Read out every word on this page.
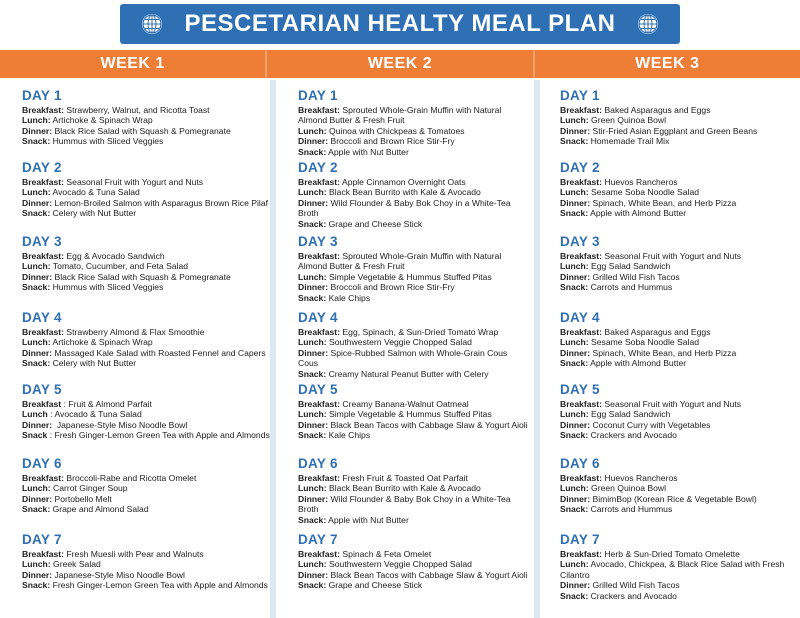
PESCETARIAN HEALTY MEAL PLAN
WEEK 1	WEEK 2	WEEK 3
DAY 1
Breakfast: Strawberry, Walnut, and Ricotta Toast
Lunch: Artichoke & Spinach Wrap
Dinner: Black Rice Salad with Squash & Pomegranate
Snack: Hummus with Sliced Veggies
DAY 2
Breakfast: Seasonal Fruit with Yogurt and Nuts
Lunch: Avocado & Tuna Salad
Dinner: Lemon-Broiled Salmon with Asparagus Brown Rice Pilaf
Snack: Celery with Nut Butter
DAY 3
Breakfast: Egg & Avocado Sandwich
Lunch: Tomato, Cucumber, and Feta Salad
Dinner: Black Rice Salad with Squash & Pomegranate
Snack: Hummus with Sliced Veggies
DAY 4
Breakfast: Strawberry Almond & Flax Smoothie
Lunch: Artichoke & Spinach Wrap
Dinner: Massaged Kale Salad with Roasted Fennel and Capers
Snack: Celery with Nut Butter
DAY 5
Breakfast : Fruit & Almond Parfait
Lunch : Avocado & Tuna Salad
Dinner:  Japanese-Style Miso Noodle Bowl
Snack : Fresh Ginger-Lemon Green Tea with Apple and Almonds
DAY 6
Breakfast: Broccoli-Rabe and Ricotta Omelet
Lunch: Carrot Ginger Soup
Dinner: Portobello Melt
Snack: Grape and Almond Salad
DAY 7
Breakfast: Fresh Muesli with Pear and Walnuts
Lunch: Greek Salad
Dinner: Japanese-Style Miso Noodle Bowl
Snack: Fresh Ginger-Lemon Green Tea with Apple and Almonds
DAY 1
Breakfast: Sprouted Whole-Grain Muffin with Natural Almond Butter & Fresh Fruit
Lunch: Quinoa with Chickpeas & Tomatoes
Dinner: Broccoli and Brown Rice Stir-Fry
Snack: Apple with Nut Butter
DAY 2
Breakfast: Apple Cinnamon Overnight Oats
Lunch: Black Bean Burrito with Kale & Avocado
Dinner: Wild Flounder & Baby Bok Choy in a White-Tea Broth
Snack: Grape and Cheese Stick
DAY 3
Breakfast: Sprouted Whole-Grain Muffin with Natural Almond Butter & Fresh Fruit
Lunch: Simple Vegetable & Hummus Stuffed Pitas
Dinner: Broccoli and Brown Rice Stir-Fry
Snack: Kale Chips
DAY 4
Breakfast: Egg, Spinach, & Sun-Dried Tomato Wrap
Lunch: Southwestern Veggie Chopped Salad
Dinner: Spice-Rubbed Salmon with Whole-Grain Cous Cous
Snack: Creamy Natural Peanut Butter with Celery
DAY 5
Breakfast: Creamy Banana-Walnut Oatmeal
Lunch: Simple Vegetable & Hummus Stuffed Pitas
Dinner: Black Bean Tacos with Cabbage Slaw & Yogurt Aioli
Snack: Kale Chips
DAY 6
Breakfast: Fresh Fruit & Toasted Oat Parfait
Lunch: Black Bean Burrito with Kale & Avocado
Dinner: Wild Flounder & Baby Bok Choy in a White-Tea Broth
Snack: Apple with Nut Butter
DAY 7
Breakfast: Spinach & Feta Omelet
Lunch: Southwestern Veggie Chopped Salad
Dinner: Black Bean Tacos with Cabbage Slaw & Yogurt Aioli
Snack: Grape and Cheese Stick
DAY 1
Breakfast: Baked Asparagus and Eggs
Lunch: Green Quinoa Bowl
Dinner: Stir-Fried Asian Eggplant and Green Beans
Snack: Homemade Trail Mix
DAY 2
Breakfast: Huevos Rancheros
Lunch: Sesame Soba Noodle Salad
Dinner: Spinach, White Bean, and Herb Pizza
Snack: Apple with Almond Butter
DAY 3
Breakfast: Seasonal Fruit with Yogurt and Nuts
Lunch: Egg Salad Sandwich
Dinner: Grilled Wild Fish Tacos
Snack: Carrots and Hummus
DAY 4
Breakfast: Baked Asparagus and Eggs
Lunch: Sesame Soba Noodle Salad
Dinner: Spinach, White Bean, and Herb Pizza
Snack: Apple with Almond Butter
DAY 5
Breakfast: Seasonal Fruit with Yogurt and Nuts
Lunch: Egg Salad Sandwich
Dinner: Coconut Curry with Vegetables
Snack: Crackers and Avocado
DAY 6
Breakfast: Huevos Rancheros
Lunch: Green Quinoa Bowl
Dinner: BimimBop (Korean Rice & Vegetable Bowl)
Snack: Carrots and Hummus
DAY 7
Breakfast: Herb & Sun-Dried Tomato Omelette
Lunch: Avocado, Chickpea, & Black Rice Salad with Fresh Cilantro
Dinner: Grilled Wild Fish Tacos
Snack: Crackers and Avocado
